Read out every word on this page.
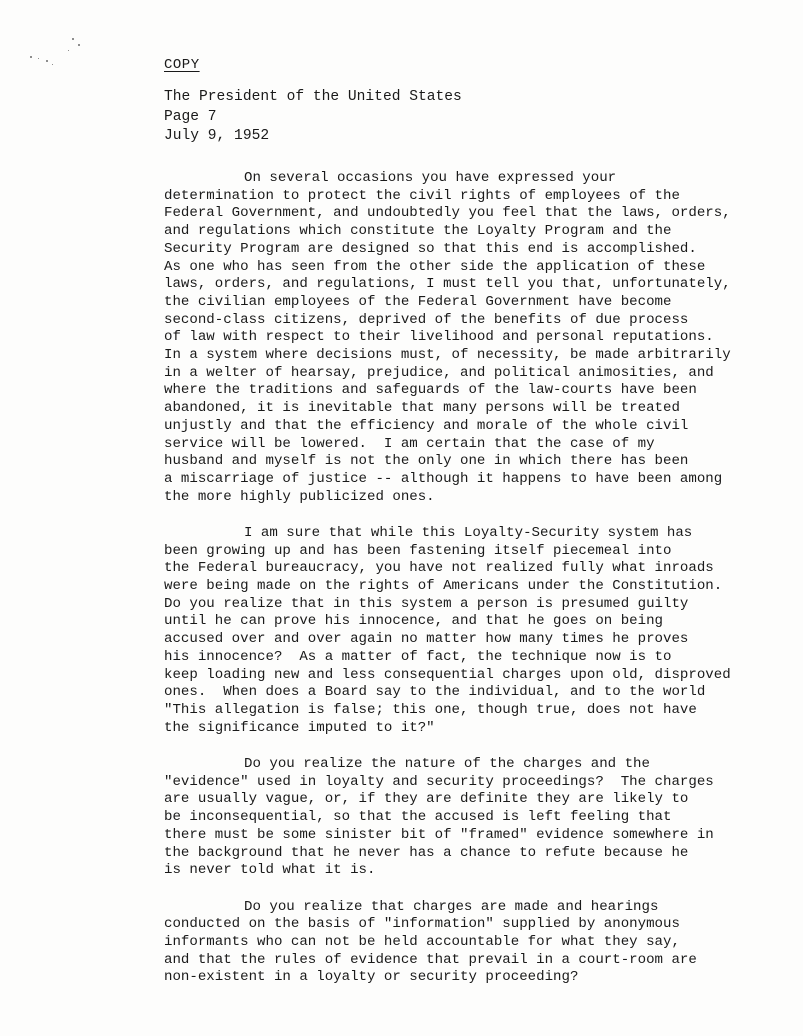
COPY
The President of the United States
Page 7
July 9, 1952
On several occasions you have expressed your
determination to protect the civil rights of employees of the
Federal Government, and undoubtedly you feel that the laws, orders,
and regulations which constitute the Loyalty Program and the
Security Program are designed so that this end is accomplished.
As one who has seen from the other side the application of these
laws, orders, and regulations, I must tell you that, unfortunately,
the civilian employees of the Federal Government have become
second-class citizens, deprived of the benefits of due process
of law with respect to their livelihood and personal reputations.
In a system where decisions must, of necessity, be made arbitrarily
in a welter of hearsay, prejudice, and political animosities, and
where the traditions and safeguards of the law-courts have been
abandoned, it is inevitable that many persons will be treated
unjustly and that the efficiency and morale of the whole civil
service will be lowered.  I am certain that the case of my
husband and myself is not the only one in which there has been
a miscarriage of justice -- although it happens to have been among
the more highly publicized ones.
I am sure that while this Loyalty-Security system has
been growing up and has been fastening itself piecemeal into
the Federal bureaucracy, you have not realized fully what inroads
were being made on the rights of Americans under the Constitution.
Do you realize that in this system a person is presumed guilty
until he can prove his innocence, and that he goes on being
accused over and over again no matter how many times he proves
his innocence?  As a matter of fact, the technique now is to
keep loading new and less consequential charges upon old, disproved
ones.  When does a Board say to the individual, and to the world
"This allegation is false; this one, though true, does not have
the significance imputed to it?"
Do you realize the nature of the charges and the
"evidence" used in loyalty and security proceedings?  The charges
are usually vague, or, if they are definite they are likely to
be inconsequential, so that the accused is left feeling that
there must be some sinister bit of "framed" evidence somewhere in
the background that he never has a chance to refute because he
is never told what it is.
Do you realize that charges are made and hearings
conducted on the basis of "information" supplied by anonymous
informants who can not be held accountable for what they say,
and that the rules of evidence that prevail in a court-room are
non-existent in a loyalty or security proceeding?
